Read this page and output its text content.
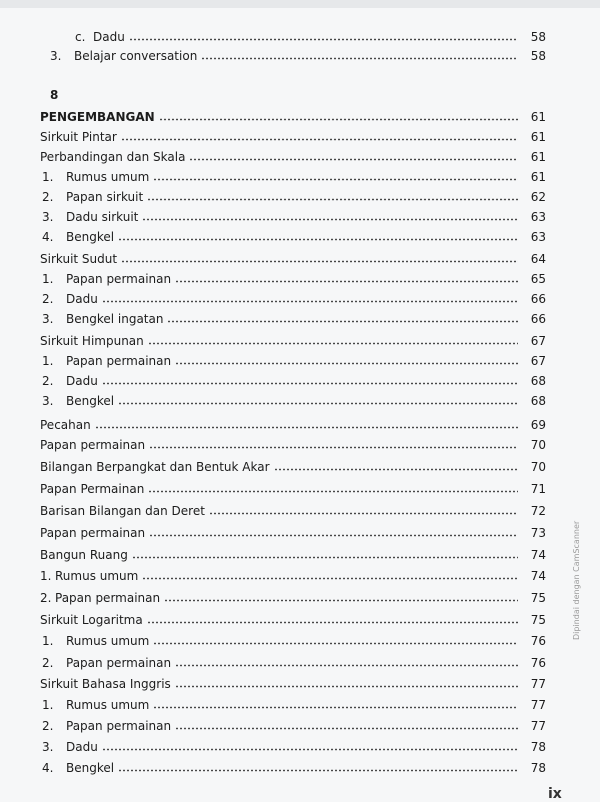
8
c. Dadu	58
3.	Belajar conversation	58
PENGEMBANGAN	61
Sirkuit Pintar	61
Perbandingan dan Skala	61
1.	Rumus umum	61
2.	Papan sirkuit	62
3.	Dadu sirkuit	63
4.	Bengkel	63
Sirkuit Sudut	64
1.	Papan permainan	65
2.	Dadu	66
3.	Bengkel ingatan	66
Sirkuit Himpunan	67
1.	Papan permainan	67
2.	Dadu	68
3.	Bengkel	68
Pecahan	69
Papan permainan	70
Bilangan Berpangkat dan Bentuk Akar	70
Papan Permainan	71
Barisan Bilangan dan Deret	72
Papan permainan	73
Bangun Ruang	74
1. Rumus umum	74
2. Papan permainan	75
Sirkuit Logaritma	75
1.	Rumus umum	76
2.	Papan permainan	76
Sirkuit Bahasa Inggris	77
1.	Rumus umum	77
2.	Papan permainan	77
3.	Dadu	78
4.	Bengkel	78
Dipindai dengan CamScanner
ix
